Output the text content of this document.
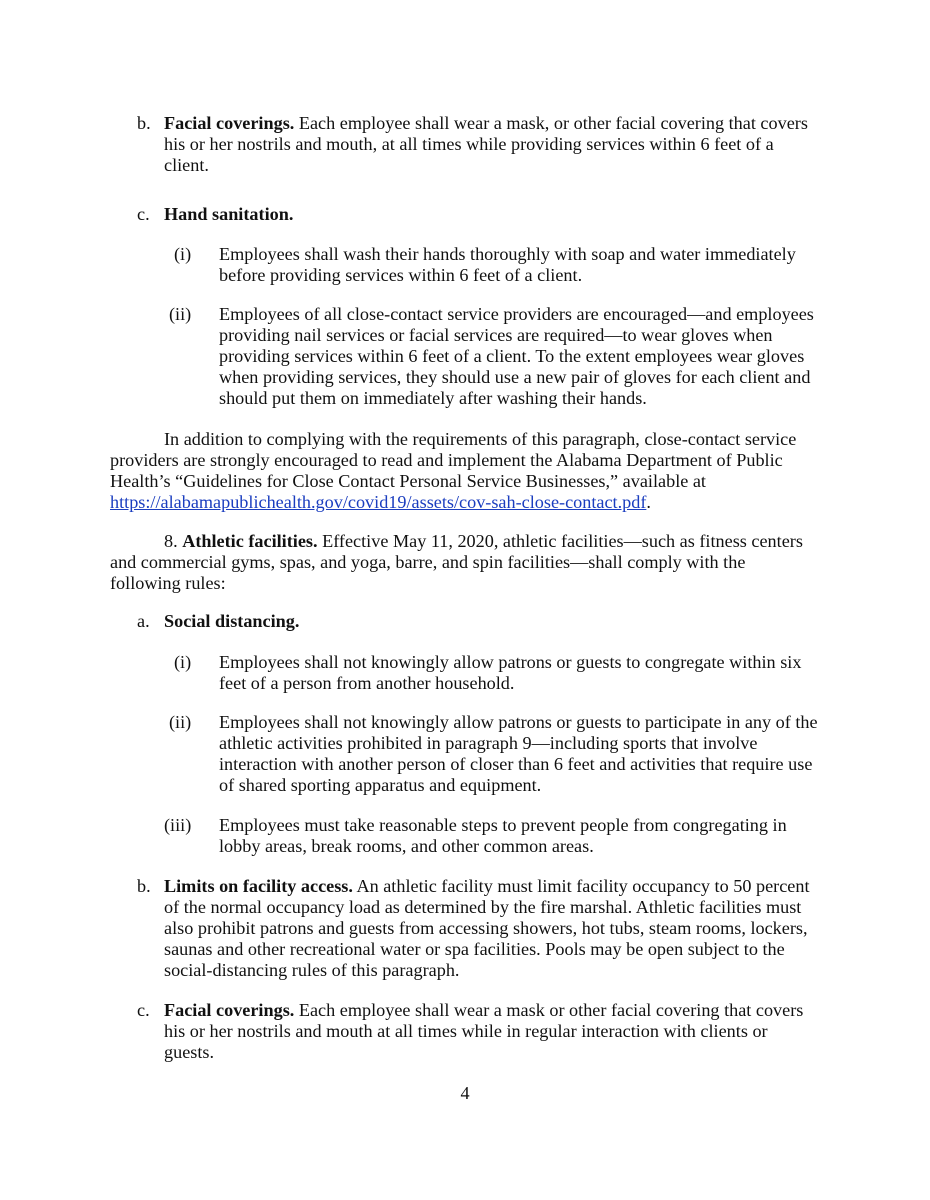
b. Facial coverings. Each employee shall wear a mask, or other facial covering that covers
his or her nostrils and mouth, at all times while providing services within 6 feet of a
client.
c. Hand sanitation.
(i) Employees shall wash their hands thoroughly with soap and water immediately
before providing services within 6 feet of a client.
(ii) Employees of all close-contact service providers are encouraged—and employees
providing nail services or facial services are required—to wear gloves when
providing services within 6 feet of a client. To the extent employees wear gloves
when providing services, they should use a new pair of gloves for each client and
should put them on immediately after washing their hands.
In addition to complying with the requirements of this paragraph, close-contact service
providers are strongly encouraged to read and implement the Alabama Department of Public
Health’s “Guidelines for Close Contact Personal Service Businesses,” available at
https://alabamapublichealth.gov/covid19/assets/cov-sah-close-contact.pdf.
8. Athletic facilities. Effective May 11, 2020, athletic facilities—such as fitness centers
and commercial gyms, spas, and yoga, barre, and spin facilities—shall comply with the
following rules:
a. Social distancing.
(i) Employees shall not knowingly allow patrons or guests to congregate within six
feet of a person from another household.
(ii) Employees shall not knowingly allow patrons or guests to participate in any of the
athletic activities prohibited in paragraph 9—including sports that involve
interaction with another person of closer than 6 feet and activities that require use
of shared sporting apparatus and equipment.
(iii) Employees must take reasonable steps to prevent people from congregating in
lobby areas, break rooms, and other common areas.
b. Limits on facility access. An athletic facility must limit facility occupancy to 50 percent
of the normal occupancy load as determined by the fire marshal. Athletic facilities must
also prohibit patrons and guests from accessing showers, hot tubs, steam rooms, lockers,
saunas and other recreational water or spa facilities. Pools may be open subject to the
social-distancing rules of this paragraph.
c. Facial coverings. Each employee shall wear a mask or other facial covering that covers
his or her nostrils and mouth at all times while in regular interaction with clients or
guests.
4
